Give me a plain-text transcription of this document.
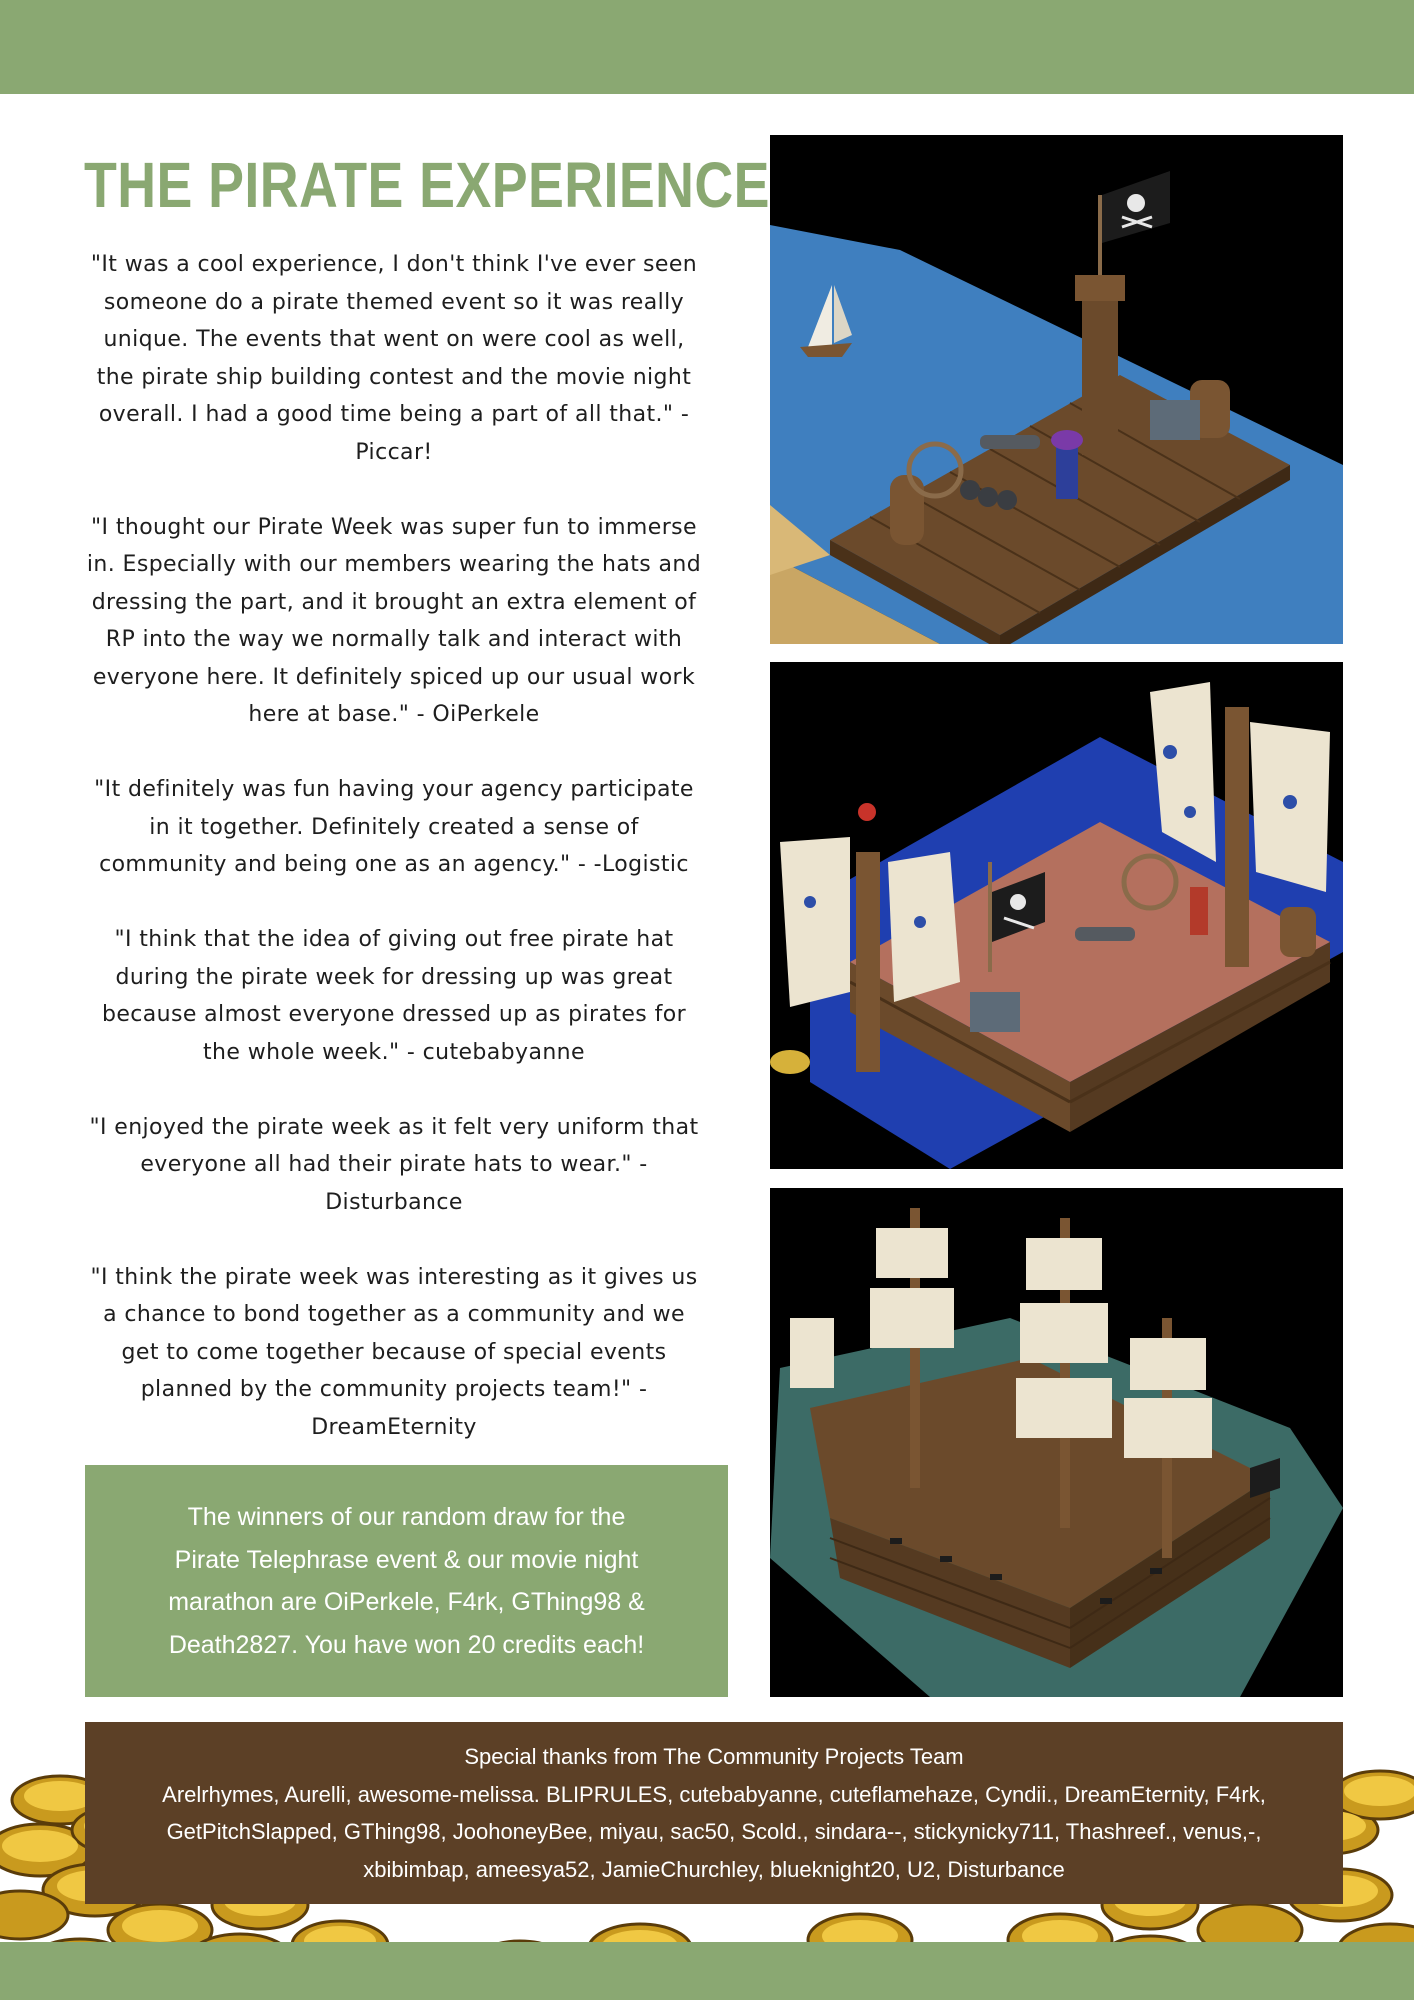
THE PIRATE EXPERIENCE

"It was a cool experience, I don't think I've ever seen someone do a pirate themed event so it was really unique. The events that went on were cool as well, the pirate ship building contest and the movie night overall. I had a good time being a part of all that." - Piccar!

"I thought our Pirate Week was super fun to immerse in. Especially with our members wearing the hats and dressing the part, and it brought an extra element of RP into the way we normally talk and interact with everyone here. It definitely spiced up our usual work here at base." - OiPerkele

"It definitely was fun having your agency participate in it together. Definitely created a sense of community and being one as an agency." - -Logistic

"I think that the idea of giving out free pirate hat during the pirate week for dressing up was great because almost everyone dressed up as pirates for the whole week." - cutebabyanne

"I enjoyed the pirate week as it felt very uniform that everyone all had their pirate hats to wear." - Disturbance

"I think the pirate week was interesting as it gives us a chance to bond together as a community and we get to come together because of special events planned by the community projects team!" - DreamEternity

The winners of our random draw for the Pirate Telephrase event & our movie night marathon are OiPerkele, F4rk, GThing98 & Death2827. You have won 20 credits each!

Special thanks from The Community Projects Team

Arelrhymes, Aurelli, awesome-melissa. BLIPRULES, cutebabyanne, cuteflamehaze, Cyndii., DreamEternity, F4rk, GetPitchSlapped, GThing98, JoohoneyBee, miyau, sac50, Scold., sindara--, stickynicky711, Thashreef., venus,-, xbibimbap, ameesya52, JamieChurchley, blueknight20, U2, Disturbance
